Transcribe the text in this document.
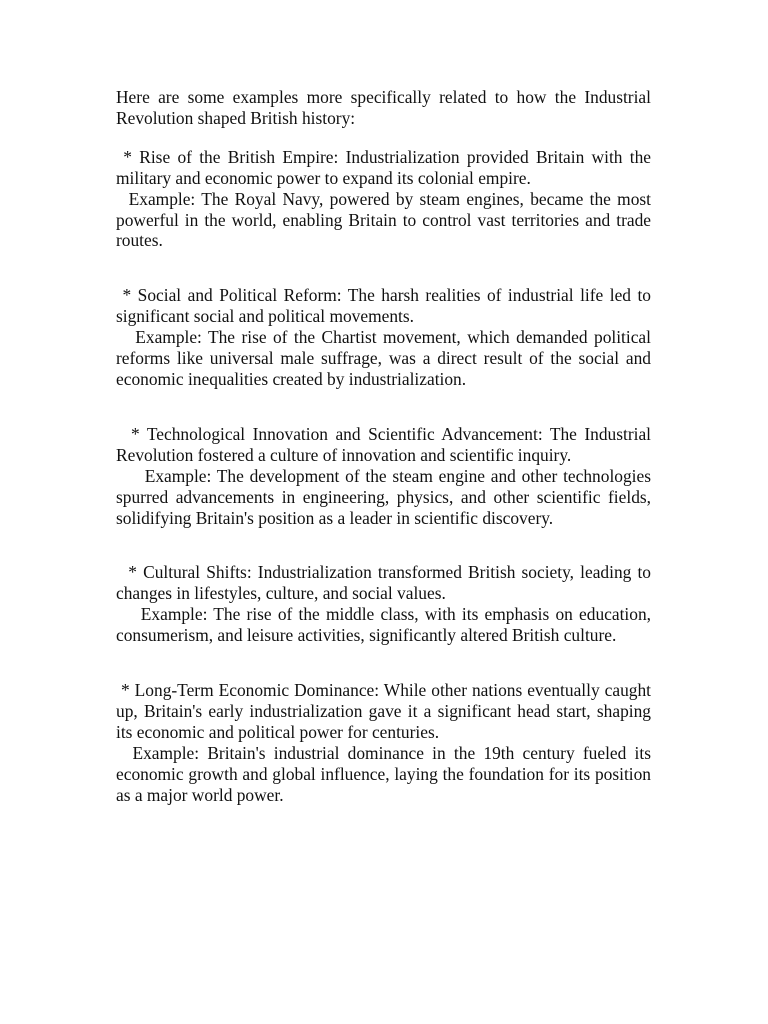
Here are some examples more specifically related to how the Industrial Revolution shaped British history:

* Rise of the British Empire: Industrialization provided Britain with the military and economic power to expand its colonial empire.

Example: The Royal Navy, powered by steam engines, became the most powerful in the world, enabling Britain to control vast territories and trade routes.

* Social and Political Reform: The harsh realities of industrial life led to significant social and political movements.

Example: The rise of the Chartist movement, which demanded political reforms like universal male suffrage, was a direct result of the social and economic inequalities created by industrialization.

* Technological Innovation and Scientific Advancement: The Industrial Revolution fostered a culture of innovation and scientific inquiry.

Example: The development of the steam engine and other technologies spurred advancements in engineering, physics, and other scientific fields, solidifying Britain's position as a leader in scientific discovery.

* Cultural Shifts: Industrialization transformed British society, leading to changes in lifestyles, culture, and social values.

Example: The rise of the middle class, with its emphasis on education, consumerism, and leisure activities, significantly altered British culture.

* Long-Term Economic Dominance: While other nations eventually caught up, Britain's early industrialization gave it a significant head start, shaping its economic and political power for centuries.

Example: Britain's industrial dominance in the 19th century fueled its economic growth and global influence, laying the foundation for its position as a major world power.
